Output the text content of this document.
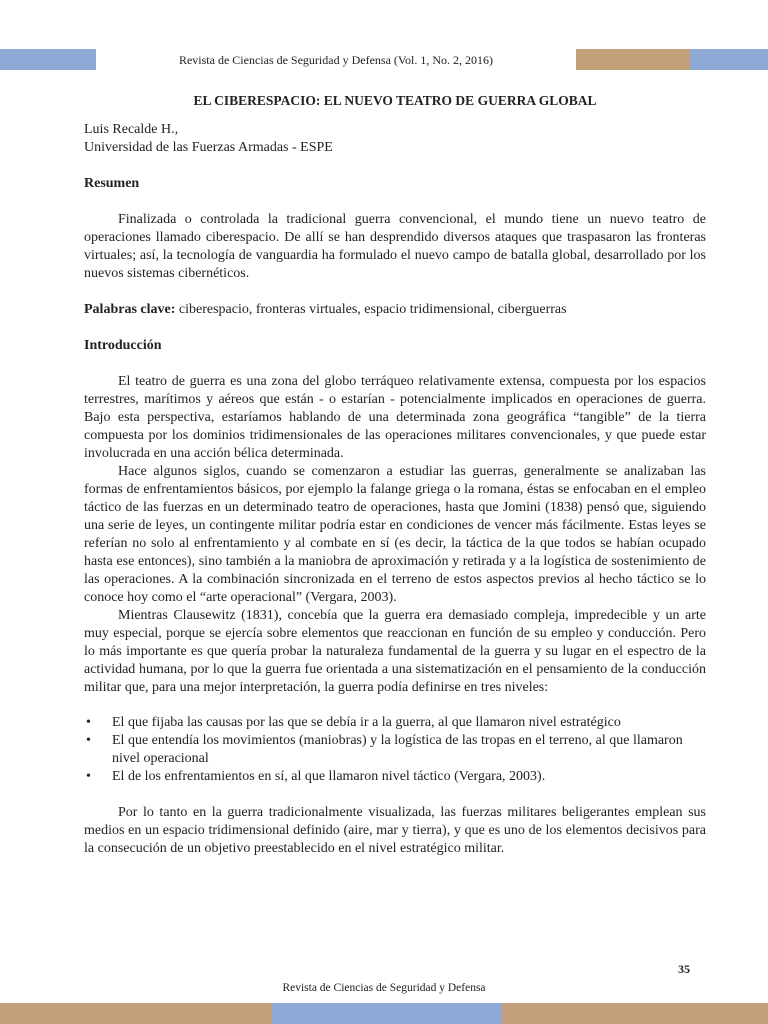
Revista de Ciencias de Seguridad y Defensa (Vol. 1, No. 2, 2016)

EL CIBERESPACIO: EL NUEVO TEATRO DE GUERRA GLOBAL

Luis Recalde H.,
Universidad de las Fuerzas Armadas - ESPE

Resumen

Finalizada o controlada la tradicional guerra convencional, el mundo tiene un nuevo teatro de operaciones llamado ciberespacio. De allí se han desprendido diversos ataques que traspasaron las fronteras virtuales; así, la tecnología de vanguardia ha formulado el nuevo campo de batalla global, desarrollado por los nuevos sistemas cibernéticos.

Palabras clave: ciberespacio, fronteras virtuales, espacio tridimensional, ciberguerras

Introducción

El teatro de guerra es una zona del globo terráqueo relativamente extensa, compuesta por los espacios terrestres, marítimos y aéreos que están - o estarían - potencialmente implicados en operaciones de guerra. Bajo esta perspectiva, estaríamos hablando de una determinada zona geográfica “tangible” de la tierra compuesta por los dominios tridimensionales de las operaciones militares convencionales, y que puede estar involucrada en una acción bélica determinada.

Hace algunos siglos, cuando se comenzaron a estudiar las guerras, generalmente se analizaban las formas de enfrentamientos básicos, por ejemplo la falange griega o la romana, éstas se enfocaban en el empleo táctico de las fuerzas en un determinado teatro de operaciones, hasta que Jomini (1838) pensó que, siguiendo una serie de leyes, un contingente militar podría estar en condiciones de vencer más fácilmente. Estas leyes se referían no solo al enfrentamiento y al combate en sí (es decir, la táctica de la que todos se habían ocupado hasta ese entonces), sino también a la maniobra de aproximación y retirada y a la logística de sostenimiento de las operaciones. A la combinación sincronizada en el terreno de estos aspectos previos al hecho táctico se lo conoce hoy como el “arte operacional” (Vergara, 2003).

Mientras Clausewitz (1831), concebía que la guerra era demasiado compleja, impredecible y un arte muy especial, porque se ejercía sobre elementos que reaccionan en función de su empleo y conducción. Pero lo más importante es que quería probar la naturaleza fundamental de la guerra y su lugar en el espectro de la actividad humana, por lo que la guerra fue orientada a una sistematización en el pensamiento de la conducción militar que, para una mejor interpretación, la guerra podía definirse en tres niveles:

• El que fijaba las causas por las que se debía ir a la guerra, al que llamaron nivel estratégico
• El que entendía los movimientos (maniobras) y la logística de las tropas en el terreno, al que llamaron nivel operacional
• El de los enfrentamientos en sí, al que llamaron nivel táctico (Vergara, 2003).

Por lo tanto en la guerra tradicionalmente visualizada, las fuerzas militares beligerantes emplean sus medios en un espacio tridimensional definido (aire, mar y tierra), y que es uno de los elementos decisivos para la consecución de un objetivo preestablecido en el nivel estratégico militar.

35
Revista de Ciencias de Seguridad y Defensa
